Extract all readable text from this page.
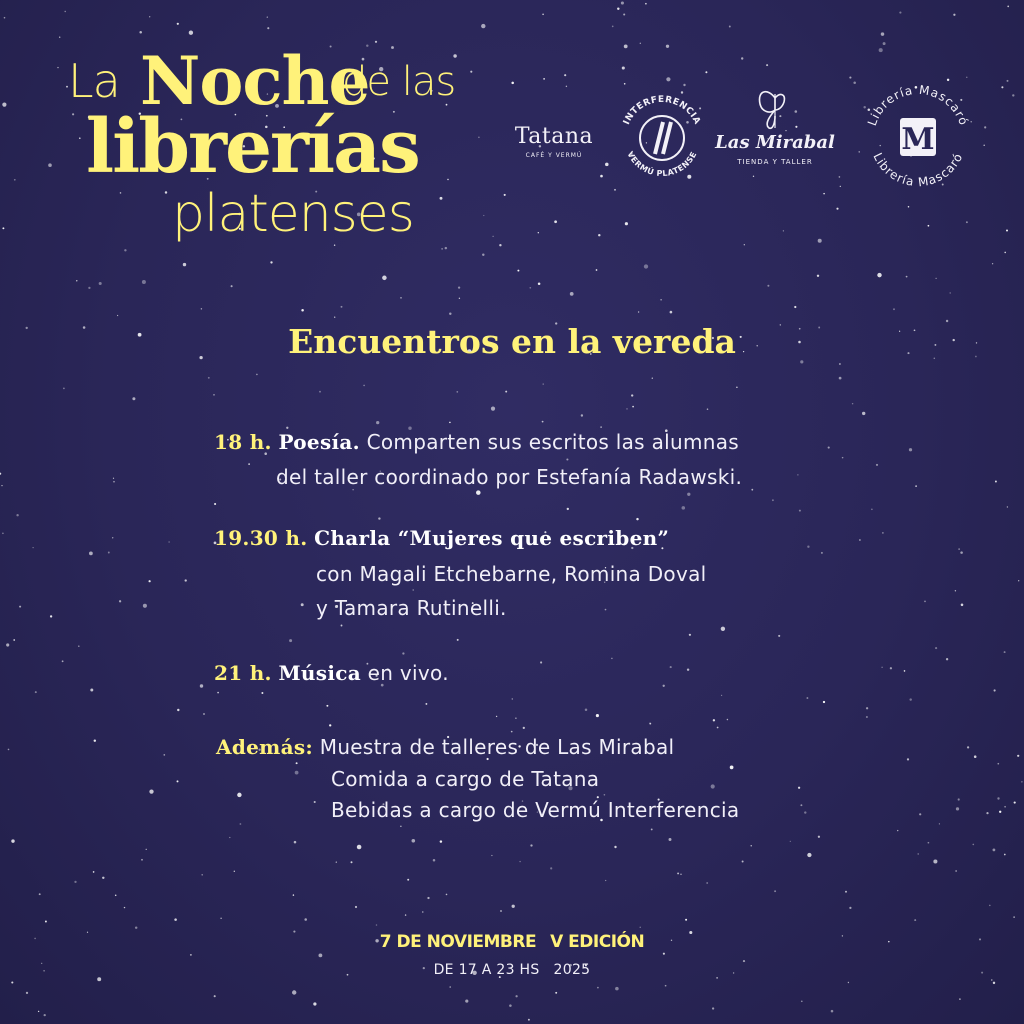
La Noche
de las
librerías
platenses
Tatana
CAFÉ Y VERMÚ
INTERFERENCIA
VERMÚ PLATENSE
Las Mirabal
TIENDA Y TALLER
Librería Mascaró
Librería Mascaró
M
Encuentros en la vereda
18 h. Poesía. Comparten sus escritos las alumnas
del taller coordinado por Estefanía Radawski.
19.30 h. Charla “Mujeres que escriben”
con Magali Etchebarne, Romina Doval
y Tamara Rutinelli.
21 h. Música en vivo.
Además: Muestra de talleres de Las Mirabal
Comida a cargo de Tatana
Bebidas a cargo de Vermú Interferencia
7 DE NOVIEMBRE V EDICIÓN
DE 17 A 23 HS 2025
